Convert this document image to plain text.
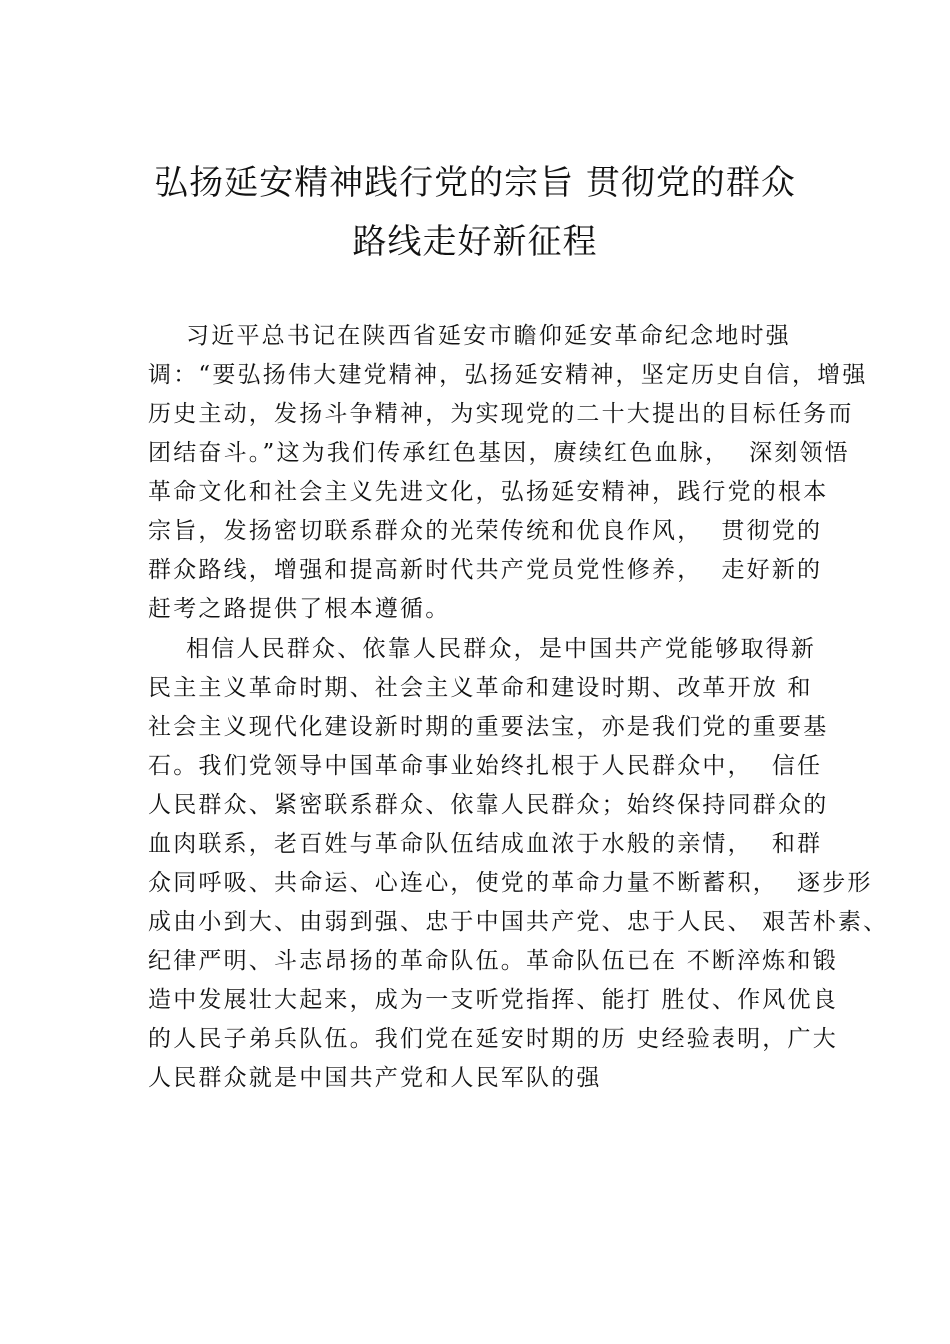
弘扬延安精神践行党的宗旨 贯彻党的群众
路线走好新征程
习近平总书记在陕西省延安市瞻仰延安革命纪念地时强
调：“要弘扬伟大建党精神，弘扬延安精神，坚定历史自信，增强
历史主动，发扬斗争精神，为实现党的二十大提出的目标任务而
团结奋斗。”这为我们传承红色基因，赓续红色血脉，  深刻领悟
革命文化和社会主义先进文化，弘扬延安精神，践行党的根本
宗旨，发扬密切联系群众的光荣传统和优良作风，  贯彻党的
群众路线，增强和提高新时代共产党员党性修养，  走好新的
赶考之路提供了根本遵循。
相信人民群众、依靠人民群众，是中国共产党能够取得新
民主主义革命时期、社会主义革命和建设时期、改革开放 和
社会主义现代化建设新时期的重要法宝，亦是我们党的重要基
石。我们党领导中国革命事业始终扎根于人民群众中，  信任
人民群众、紧密联系群众、依靠人民群众；始终保持同群众的
血肉联系，老百姓与革命队伍结成血浓于水般的亲情，  和群
众同呼吸、共命运、心连心，使党的革命力量不断蓄积，  逐步形
成由小到大、由弱到强、忠于中国共产党、忠于人民、 艰苦朴素、
纪律严明、斗志昂扬的革命队伍。革命队伍已在 不断淬炼和锻
造中发展壮大起来，成为一支听党指挥、能打 胜仗、作风优良
的人民子弟兵队伍。我们党在延安时期的历 史经验表明，广大
人民群众就是中国共产党和人民军队的强
